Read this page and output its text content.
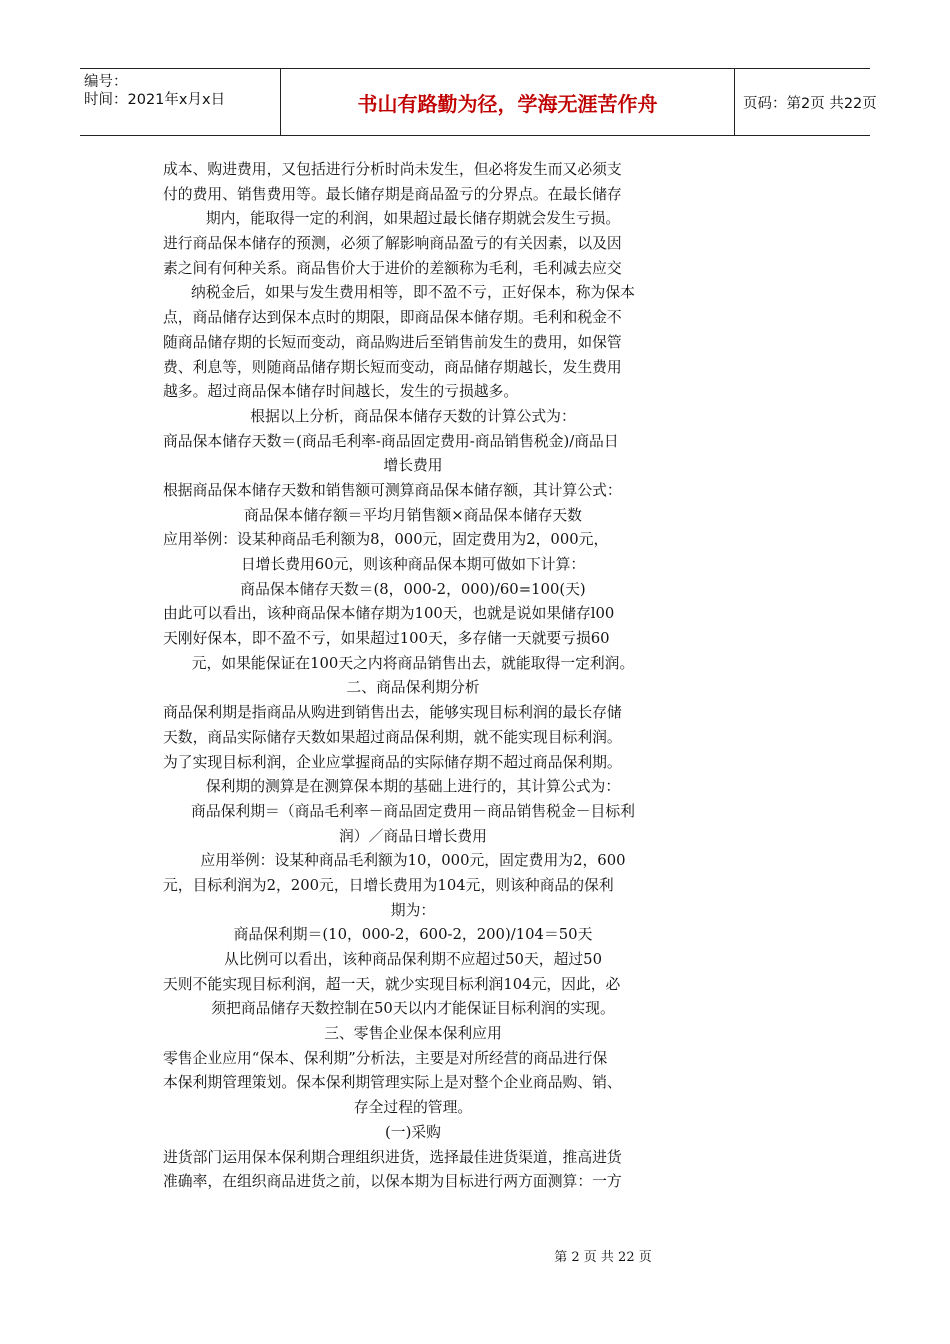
编号：
时间：2021年x月x日	书山有路勤为径，学海无涯苦作舟	页码：第2页 共22页
成本、购进费用，又包括进行分析时尚未发生，但必将发生而又必须支
付的费用、销售费用等。最长储存期是商品盈亏的分界点。在最长储存
期内，能取得一定的利润，如果超过最长储存期就会发生亏损。
进行商品保本储存的预测，必须了解影响商品盈亏的有关因素，以及因
素之间有何种关系。商品售价大于进价的差额称为毛利，毛利减去应交
纳税金后，如果与发生费用相等，即不盈不亏，正好保本，称为保本
点，商品储存达到保本点时的期限，即商品保本储存期。毛利和税金不
随商品储存期的长短而变动，商品购进后至销售前发生的费用，如保管
费、利息等，则随商品储存期长短而变动，商品储存期越长，发生费用
越多。超过商品保本储存时间越长，发生的亏损越多。
根据以上分析，商品保本储存天数的计算公式为：
商品保本储存天数＝(商品毛利率-商品固定费用-商品销售税金)/商品日
增长费用
根据商品保本储存天数和销售额可测算商品保本储存额，其计算公式：
商品保本储存额＝平均月销售额×商品保本储存天数
应用举例：设某种商品毛利额为8，000元，固定费用为2，000元，
日增长费用60元，则该种商品保本期可做如下计算：
商品保本储存天数＝(8，000-2，000)/60=100(天)
由此可以看出，该种商品保本储存期为100天，也就是说如果储存l00
天刚好保本，即不盈不亏，如果超过100天，多存储一天就要亏损60
元，如果能保证在100天之内将商品销售出去，就能取得一定利润。
二、商品保利期分析
商品保利期是指商品从购进到销售出去，能够实现目标利润的最长存储
天数，商品实际储存天数如果超过商品保利期，就不能实现目标利润。
为了实现目标利润，企业应掌握商品的实际储存期不超过商品保利期。
保利期的测算是在测算保本期的基础上进行的，其计算公式为：
商品保利期＝（商品毛利率－商品固定费用－商品销售税金－目标利
润）／商品日增长费用
应用举例：设某种商品毛利额为10，000元，固定费用为2，600
元，目标利润为2，200元，日增长费用为104元，则该种商品的保利
期为：
商品保利期＝(10，000-2，600-2，200)/104＝50天
从比例可以看出，该种商品保利期不应超过50天，超过50
天则不能实现目标利润，超一天，就少实现目标利润104元，因此，必
须把商品储存天数控制在50天以内才能保证目标利润的实现。
三、零售企业保本保利应用
零售企业应用“保本、保利期”分析法，主要是对所经营的商品进行保
本保利期管理策划。保本保利期管理实际上是对整个企业商品购、销、
存全过程的管理。
(一)采购
进货部门运用保本保利期合理组织进货，选择最佳进货渠道，推高进货
准确率，在组织商品进货之前，以保本期为目标进行两方面测算：一方
第 2 页 共 22 页
